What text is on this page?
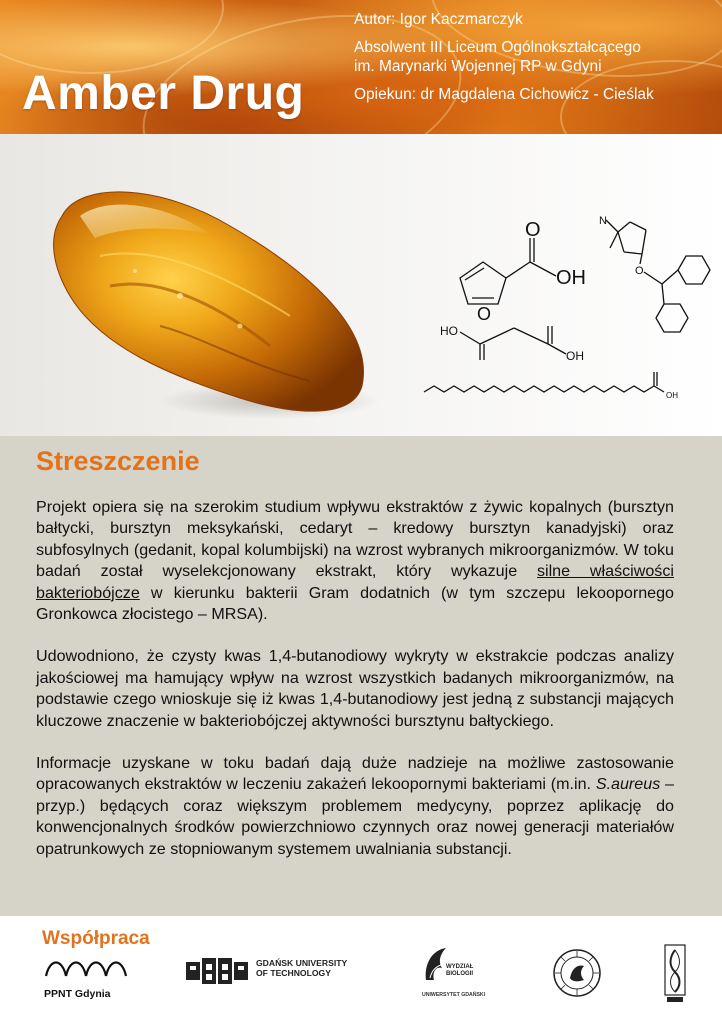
Amber Drug
Autor: Igor Kaczmarczyk
Absolwent III Liceum Ogólnokształcącego
im. Marynarki Wojennej RP w Gdyni
Opiekun: dr Magdalena Cichowicz - Cieślak
O
OH
O
N
O
HO
OH
OH
Streszczenie

Projekt opiera się na szerokim studium wpływu ekstraktów z żywic kopalnych (bursztyn bałtycki, bursztyn meksykański, cedaryt – kredowy bursztyn kanadyjski) oraz subfosylnych (gedanit, kopal kolumbijski) na wzrost wybranych mikroorganizmów. W toku badań został wyselekcjonowany ekstrakt, który wykazuje silne właściwości bakteriobójcze w kierunku bakterii Gram dodatnich (w tym szczepu lekoopornego Gronkowca złocistego – MRSA).

Udowodniono, że czysty kwas 1,4-butanodiowy wykryty w ekstrakcie podczas analizy jakościowej ma hamujący wpływ na wzrost wszystkich badanych mikroorganizmów, na podstawie czego wnioskuje się iż kwas 1,4-butanodiowy jest jedną z substancji mających kluczowe znaczenie w bakteriobójczej aktywności bursztynu bałtyckiego.

Informacje uzyskane w toku badań dają duże nadzieje na możliwe zastosowanie opracowanych ekstraktów w leczeniu zakażeń lekoopornymi bakteriami (m.in. S.aureus – przyp.) będących coraz większym problemem medycyny, poprzez aplikację do konwencjonalnych środków powierzchniowo czynnych oraz nowej generacji materiałów opatrunkowych ze stopniowanym systemem uwalniania substancji.

Współpraca
PPNT Gdynia
GDAŃSK UNIVERSITY
OF TECHNOLOGY
WYDZIAŁ
BIOLOGII
UNIWERSYTET GDAŃSKI
